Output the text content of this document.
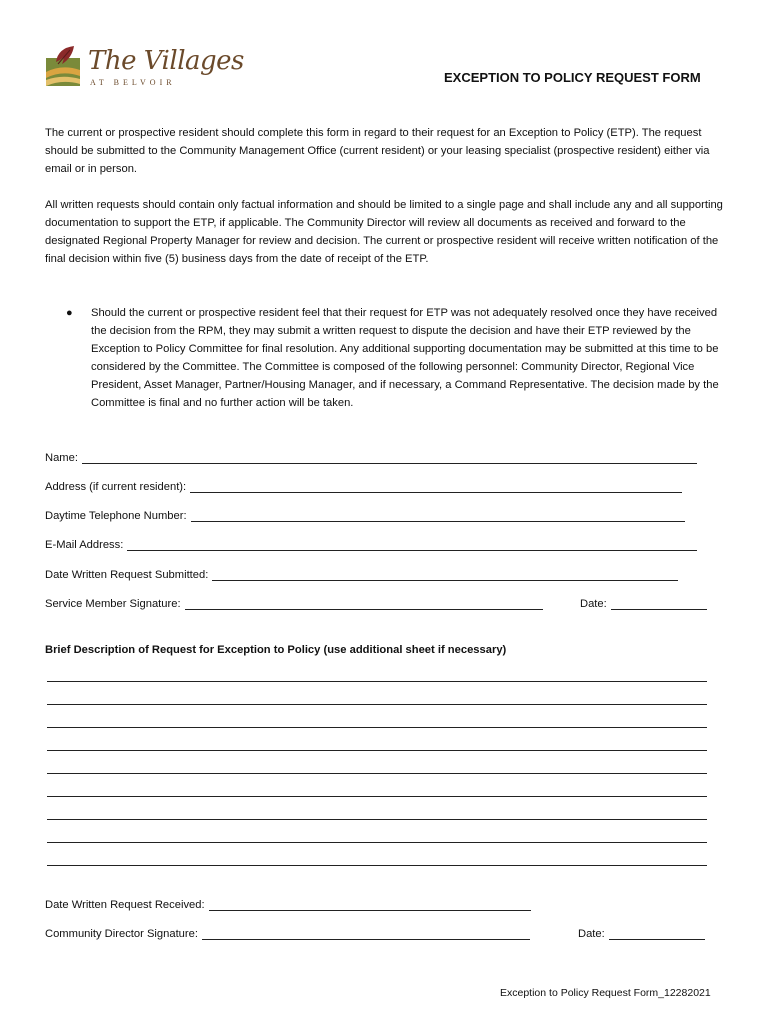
The Villages
AT BELVOIR	EXCEPTION TO POLICY REQUEST FORM

The current or prospective resident should complete this form in regard to their request for an Exception to Policy (ETP). The request should be submitted to the Community Management Office (current resident) or your leasing specialist (prospective resident) either via email or in person.

All written requests should contain only factual information and should be limited to a single page and shall include any and all supporting documentation to support the ETP, if applicable. The Community Director will review all documents as received and forward to the designated Regional Property Manager for review and decision. The current or prospective resident will receive written notification of the final decision within five (5) business days from the date of receipt of the ETP.

● Should the current or prospective resident feel that their request for ETP was not adequately resolved once they have received the decision from the RPM, they may submit a written request to dispute the decision and have their ETP reviewed by the Exception to Policy Committee for final resolution. Any additional supporting documentation may be submitted at this time to be considered by the Committee. The Committee is composed of the following personnel: Community Director, Regional Vice President, Asset Manager, Partner/Housing Manager, and if necessary, a Command Representative. The decision made by the Committee is final and no further action will be taken.

Name:
Address (if current resident):
Daytime Telephone Number:
E-Mail Address:
Date Written Request Submitted:
Service Member Signature:	Date:
Brief Description of Request for Exception to Policy (use additional sheet if necessary)
Date Written Request Received:
Community Director Signature:	Date:
Exception to Policy Request Form_12282021
